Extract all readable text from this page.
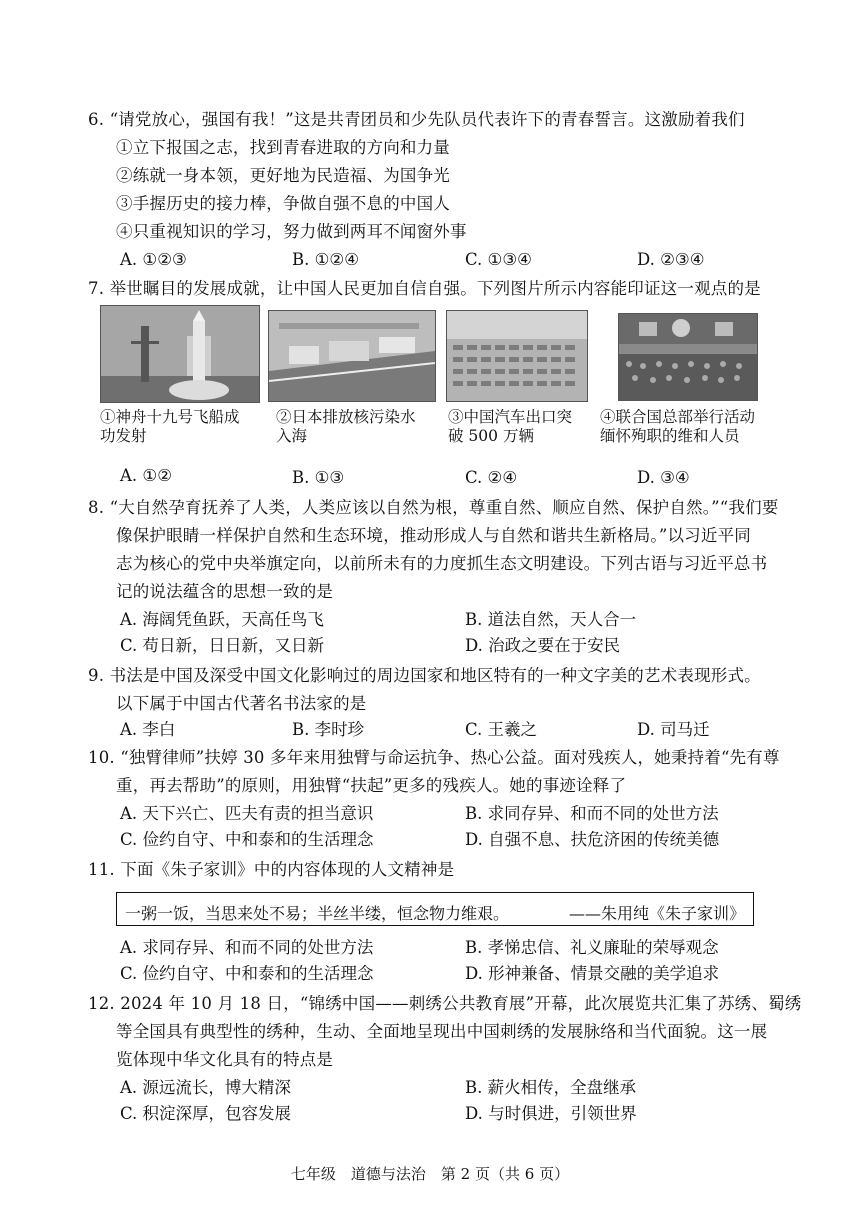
6. “请党放心，强国有我！”这是共青团员和少先队员代表许下的青春誓言。这激励着我们
①立下报国之志，找到青春进取的方向和力量
②练就一身本领，更好地为民造福、为国争光
③手握历史的接力棒，争做自强不息的中国人
④只重视知识的学习，努力做到两耳不闻窗外事
A. ①②③	B. ①②④	C. ①③④	D. ②③④
7. 举世瞩目的发展成就，让中国人民更加自信自强。下列图片所示内容能印证这一观点的是
①神舟十九号飞船成
功发射
②日本排放核污染水
入海
③中国汽车出口突
破 500 万辆
④联合国总部举行活动
缅怀殉职的维和人员
A. ①②	B. ①③	C. ②④	D. ③④
8. “大自然孕育抚养了人类，人类应该以自然为根，尊重自然、顺应自然、保护自然。”“我们要
像保护眼睛一样保护自然和生态环境，推动形成人与自然和谐共生新格局。”以习近平同
志为核心的党中央举旗定向，以前所未有的力度抓生态文明建设。下列古语与习近平总书
记的说法蕴含的思想一致的是
A. 海阔凭鱼跃，天高任鸟飞	B. 道法自然，天人合一
C. 苟日新，日日新，又日新	D. 治政之要在于安民
9. 书法是中国及深受中国文化影响过的周边国家和地区特有的一种文字美的艺术表现形式。
以下属于中国古代著名书法家的是
A. 李白	B. 李时珍	C. 王羲之	D. 司马迁
10. “独臂律师”扶婷 30 多年来用独臂与命运抗争、热心公益。面对残疾人，她秉持着“先有尊
重，再去帮助”的原则，用独臂“扶起”更多的残疾人。她的事迹诠释了
A. 天下兴亡、匹夫有责的担当意识	B. 求同存异、和而不同的处世方法
C. 俭约自守、中和泰和的生活理念	D. 自强不息、扶危济困的传统美德
11. 下面《朱子家训》中的内容体现的人文精神是
一粥一饭，当思来处不易；半丝半缕，恒念物力维艰。	——朱用纯《朱子家训》
A. 求同存异、和而不同的处世方法	B. 孝悌忠信、礼义廉耻的荣辱观念
C. 俭约自守、中和泰和的生活理念	D. 形神兼备、情景交融的美学追求
12. 2024 年 10 月 18 日，“锦绣中国——刺绣公共教育展”开幕，此次展览共汇集了苏绣、蜀绣
等全国具有典型性的绣种，生动、全面地呈现出中国刺绣的发展脉络和当代面貌。这一展
览体现中华文化具有的特点是
A. 源远流长，博大精深	B. 薪火相传，全盘继承
C. 积淀深厚，包容发展	D. 与时俱进，引领世界
七年级　道德与法治　第 2 页（共 6 页）
